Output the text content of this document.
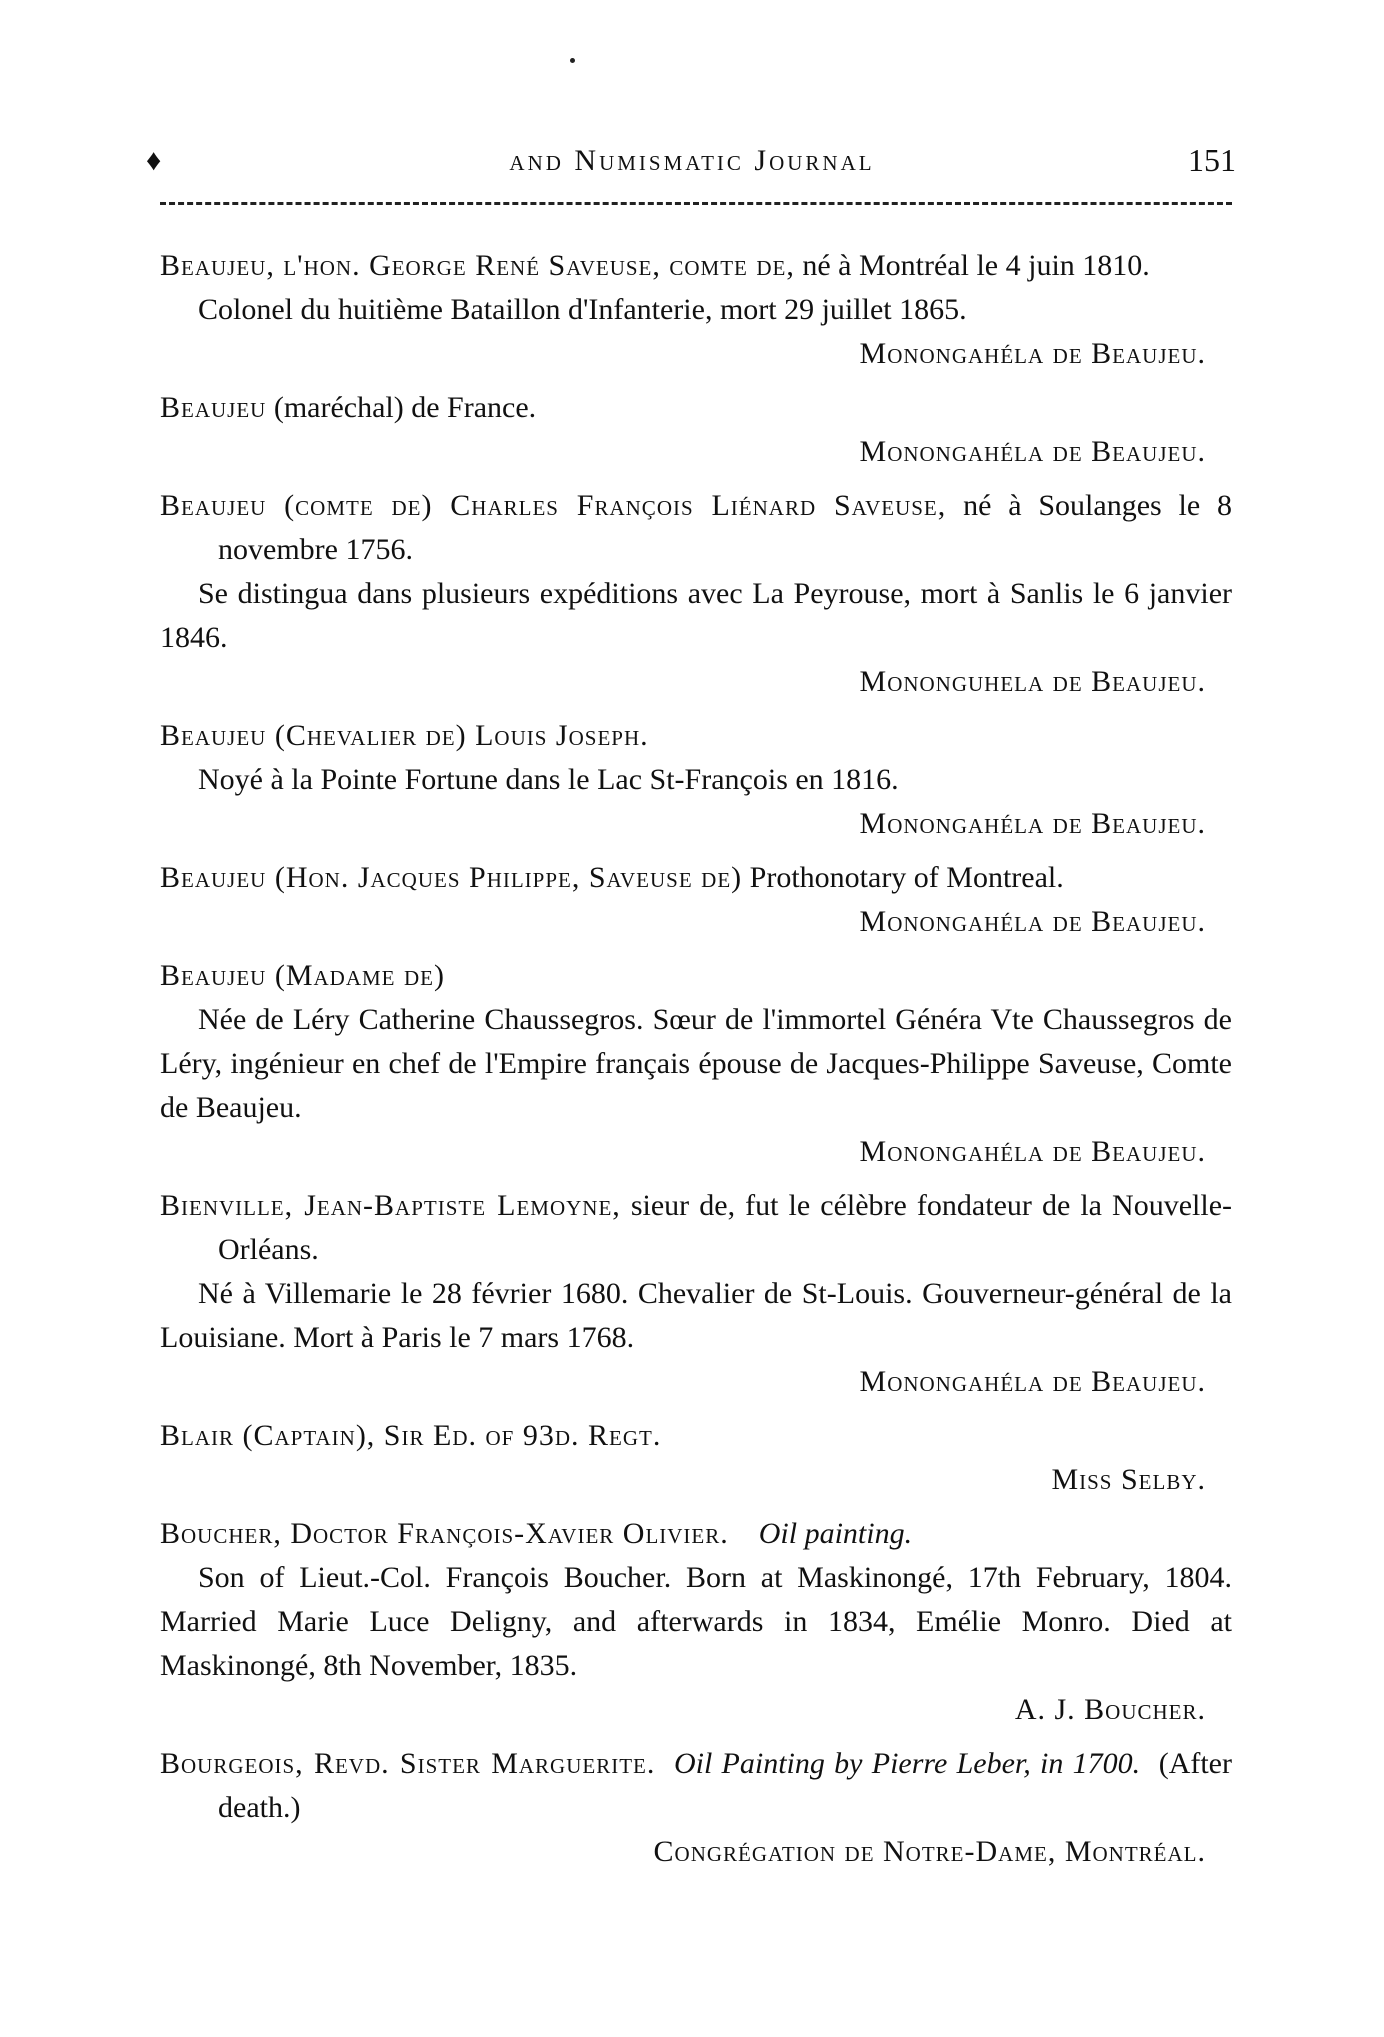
♦	and Numismatic Journal	151
Beaujeu, l'hon. George René Saveuse, comte de, né à Montréal le 4 juin 1810.
Colonel du huitième Bataillon d'Infanterie, mort 29 juillet 1865.
Monongahéla de Beaujeu.
Beaujeu (maréchal) de France.
Monongahéla de Beaujeu.
Beaujeu (comte de) Charles François Liénard Saveuse, né à Soulanges le 8 novembre 1756.
Se distingua dans plusieurs expéditions avec La Peyrouse, mort à Sanlis le 6 janvier 1846.
Mononguhela de Beaujeu.
Beaujeu (Chevalier de) Louis Joseph.
Noyé à la Pointe Fortune dans le Lac St-François en 1816.
Monongahéla de Beaujeu.
Beaujeu (Hon. Jacques Philippe, Saveuse de) Prothonotary of Montreal.
Monongahéla de Beaujeu.
Beaujeu (Madame de)
Née de Léry Catherine Chaussegros. Sœur de l'immortel Généra Vte Chaussegros de Léry, ingénieur en chef de l'Empire français épouse de Jacques-Philippe Saveuse, Comte de Beaujeu.
Monongahéla de Beaujeu.
Bienville, Jean-Baptiste Lemoyne, sieur de, fut le célèbre fondateur de la Nouvelle-Orléans.
Né à Villemarie le 28 février 1680. Chevalier de St-Louis. Gouverneur-général de la Louisiane. Mort à Paris le 7 mars 1768.
Monongahéla de Beaujeu.
Blair (Captain), Sir Ed. of 93d. Regt.
Miss Selby.
Boucher, Doctor François-Xavier Olivier. Oil painting.
Son of Lieut.-Col. François Boucher. Born at Maskinongé, 17th February, 1804. Married Marie Luce Deligny, and afterwards in 1834, Emélie Monro. Died at Maskinongé, 8th November, 1835.
A. J. Boucher.
Bourgeois, Revd. Sister Marguerite. Oil Painting by Pierre Leber, in 1700. (After death.)
Congrégation de Notre-Dame, Montréal.
